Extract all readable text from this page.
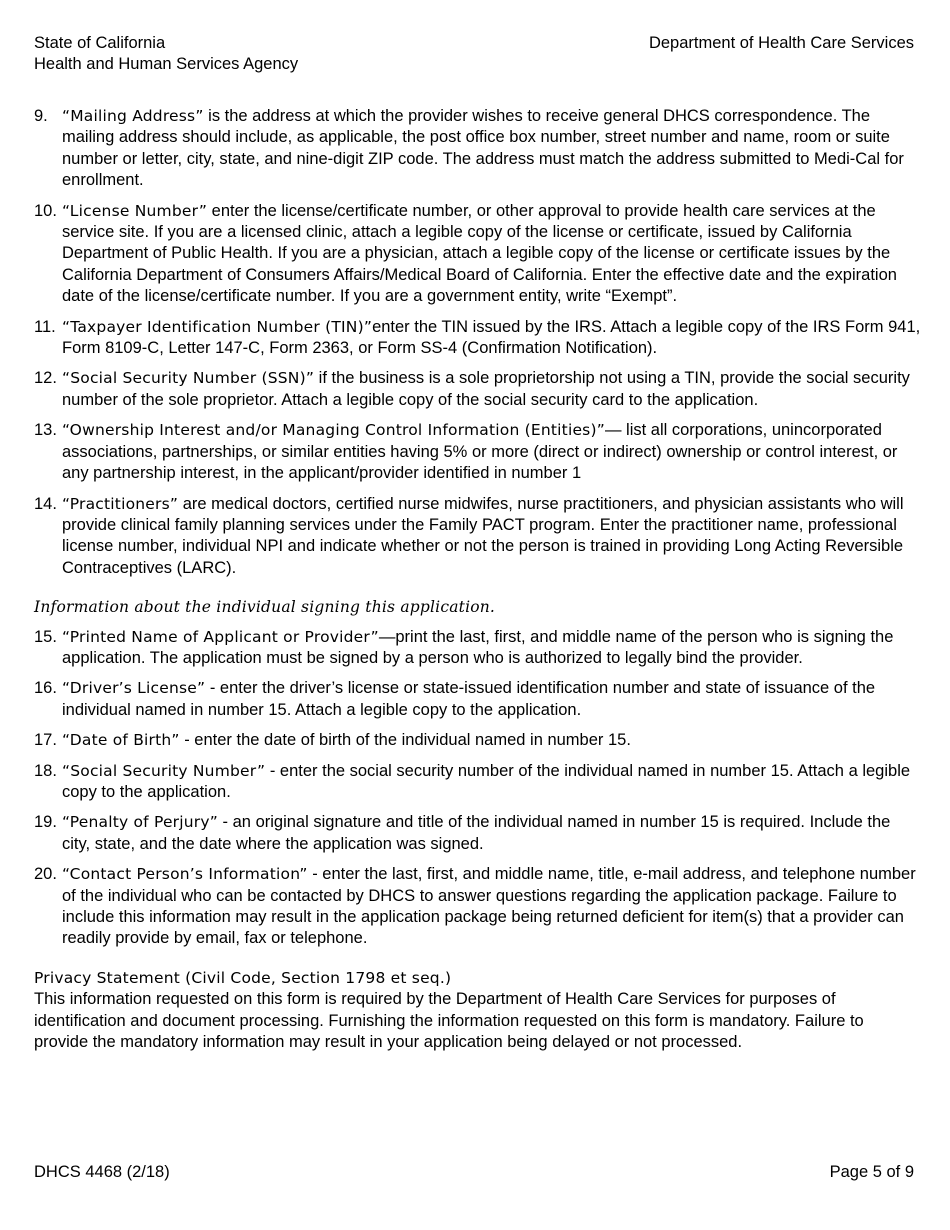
State of California
Health and Human Services Agency
Department of Health Care Services
9. “Mailing Address” is the address at which the provider wishes to receive general DHCS correspondence. The mailing address should include, as applicable, the post office box number, street number and name, room or suite number or letter, city, state, and nine-digit ZIP code. The address must match the address submitted to Medi-Cal for enrollment.
10. “License Number” enter the license/certificate number, or other approval to provide health care services at the service site. If you are a licensed clinic, attach a legible copy of the license or certificate, issued by California Department of Public Health. If you are a physician, attach a legible copy of the license or certificate issues by the California Department of Consumers Affairs/Medical Board of California. Enter the effective date and the expiration date of the license/certificate number. If you are a government entity, write “Exempt”.
11. “Taxpayer Identification Number (TIN)”enter the TIN issued by the IRS. Attach a legible copy of the IRS Form 941, Form 8109-C, Letter 147-C, Form 2363, or Form SS-4 (Confirmation Notification).
12. “Social Security Number (SSN)” if the business is a sole proprietorship not using a TIN, provide the social security number of the sole proprietor. Attach a legible copy of the social security card to the application.
13. “Ownership Interest and/or Managing Control Information (Entities)”— list all corporations, unincorporated associations, partnerships, or similar entities having 5% or more (direct or indirect) ownership or control interest, or any partnership interest, in the applicant/provider identified in number 1
14. “Practitioners” are medical doctors, certified nurse midwifes, nurse practitioners, and physician assistants who will provide clinical family planning services under the Family PACT program. Enter the practitioner name, professional license number, individual NPI and indicate whether or not the person is trained in providing Long Acting Reversible Contraceptives (LARC).
Information about the individual signing this application.
15. “Printed Name of Applicant or Provider”—print the last, first, and middle name of the person who is signing the application. The application must be signed by a person who is authorized to legally bind the provider.
16. “Driver’s License” - enter the driver’s license or state-issued identification number and state of issuance of the individual named in number 15. Attach a legible copy to the application.
17. “Date of Birth” - enter the date of birth of the individual named in number 15.
18. “Social Security Number” - enter the social security number of the individual named in number 15. Attach a legible copy to the application.
19. “Penalty of Perjury” - an original signature and title of the individual named in number 15 is required. Include the city, state, and the date where the application was signed.
20. “Contact Person’s Information” - enter the last, first, and middle name, title, e-mail address, and telephone number of the individual who can be contacted by DHCS to answer questions regarding the application package. Failure to include this information may result in the application package being returned deficient for item(s) that a provider can readily provide by email, fax or telephone.
Privacy Statement (Civil Code, Section 1798 et seq.)
This information requested on this form is required by the Department of Health Care Services for purposes of identification and document processing. Furnishing the information requested on this form is mandatory. Failure to provide the mandatory information may result in your application being delayed or not processed.
DHCS 4468 (2/18)	Page 5 of 9
